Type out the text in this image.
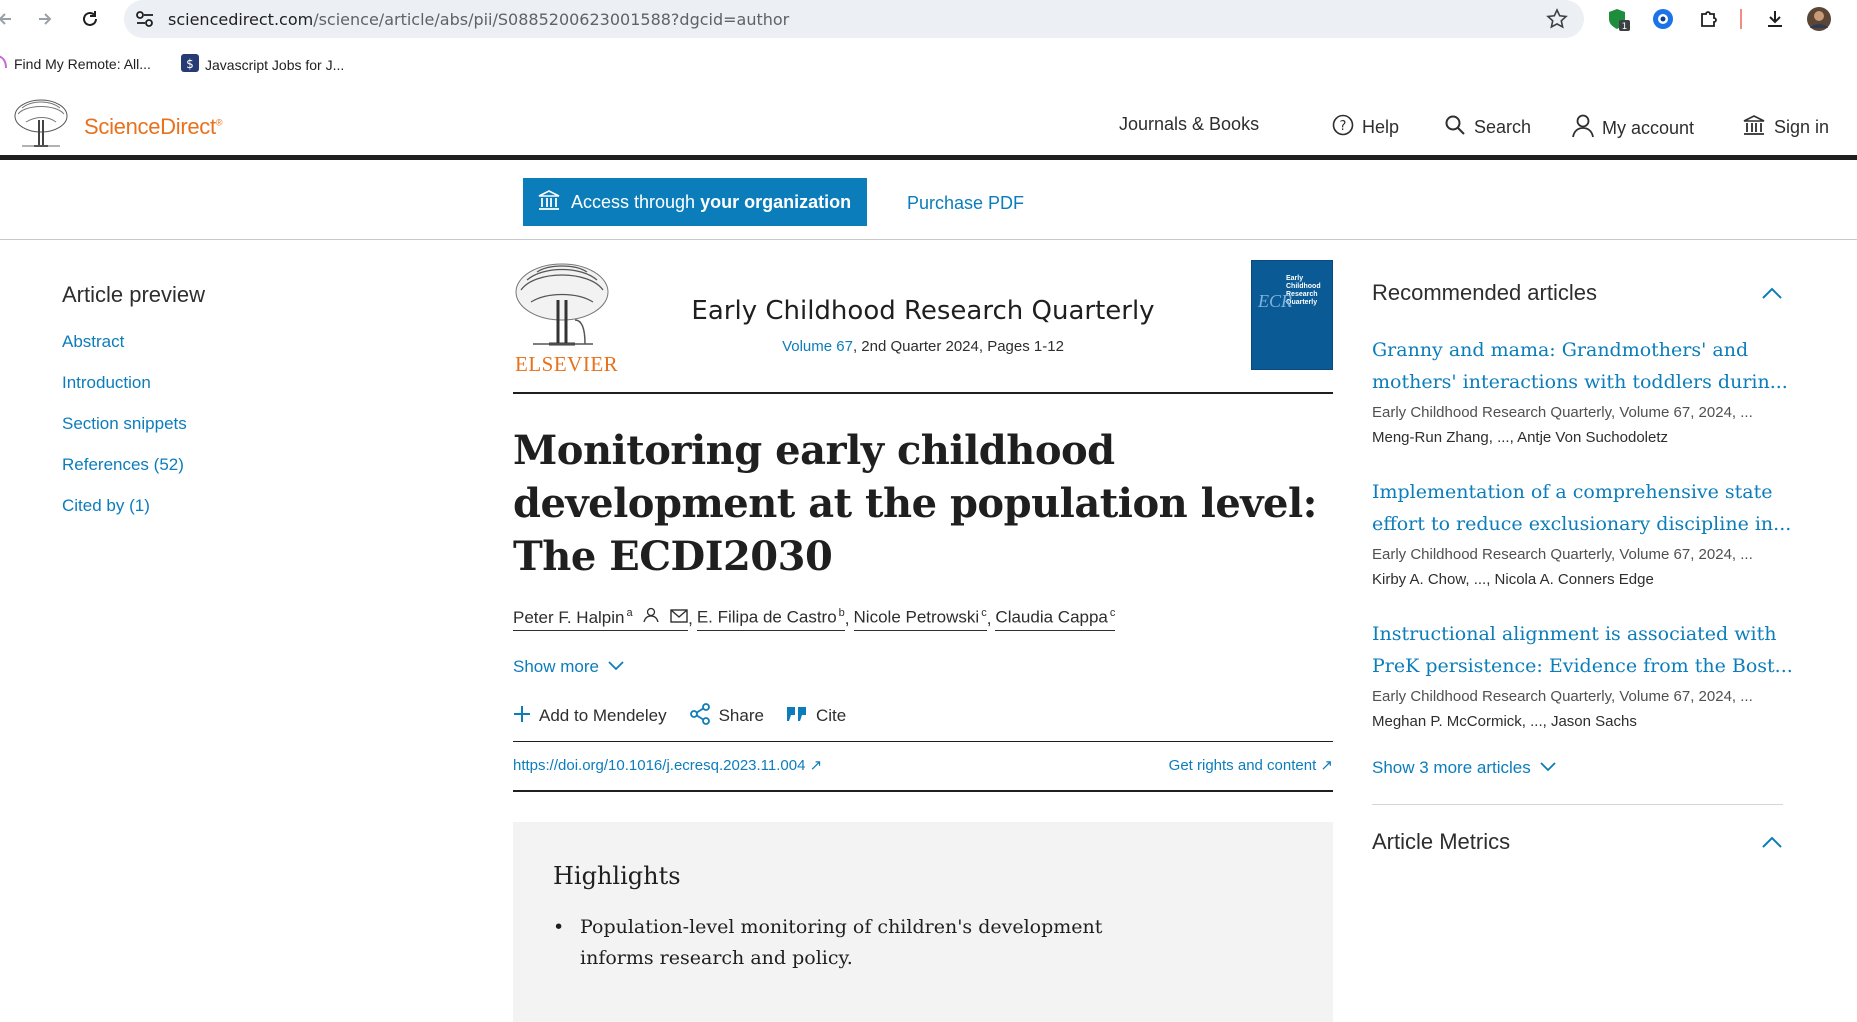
sciencedirect.com/science/article/abs/pii/S0885200623001588?dgcid=author	1
Find My Remote: All...	$ Javascript Jobs for J...
ScienceDirect®	Journals & Books	? Help	Search	My account	Sign in
Access through your organization	Purchase PDF
Article preview
Abstract
Introduction
Section snippets
References (52)
Cited by (1)
ELSEVIER
Early Childhood Research Quarterly
Volume 67, 2nd Quarter 2024, Pages 1-12
Early Childhood Research Quarterly
ECR
Monitoring early childhood development at the population level: The ECDI2030
Peter F. Halpin $^a$	, E. Filipa de Castro $^b$ , Nicole Petrowski $^c$ , Claudia Cappa $^c$
Show more
Add to Mendeley	Share	Cite
https://doi.org/10.1016/j.ecresq.2023.11.004 ↗	Get rights and content ↗
Highlights
• Population-level monitoring of children's development informs research and policy.
Recommended articles
Granny and mama: Grandmothers' and
mothers' interactions with toddlers durin...
Early Childhood Research Quarterly, Volume 67, 2024, ...
Meng-Run Zhang, ..., Antje Von Suchodoletz
Implementation of a comprehensive state
effort to reduce exclusionary discipline in...
Early Childhood Research Quarterly, Volume 67, 2024, ...
Kirby A. Chow, ..., Nicola A. Conners Edge
Instructional alignment is associated with
PreK persistence: Evidence from the Bost...
Early Childhood Research Quarterly, Volume 67, 2024, ...
Meghan P. McCormick, ..., Jason Sachs
Show 3 more articles
Article Metrics
